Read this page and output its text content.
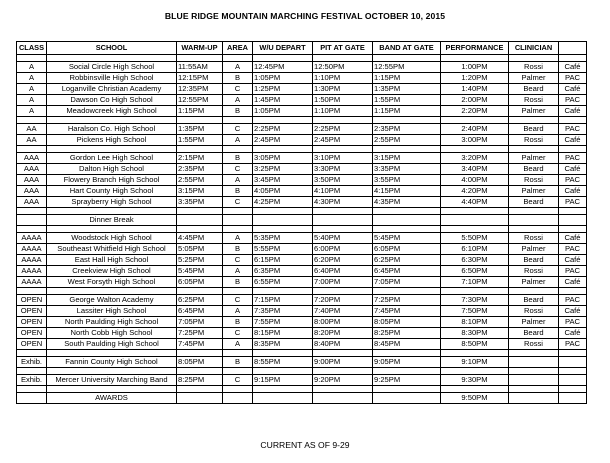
BLUE RIDGE MOUNTAIN MARCHING FESTIVAL OCTOBER 10, 2015
CLASS	SCHOOL	WARM-UP	AREA	W/U DEPART	PIT AT GATE	BAND AT GATE	PERFORMANCE	CLINICIAN	

A	Social Circle High School	11:55AM	A	12:45PM	12:50PM	12:55PM	1:00PM	Rossi	Café
A	Robbinsville High School	12:15PM	B	1:05PM	1:10PM	1:15PM	1:20PM	Palmer	PAC
A	Loganville Christian Academy	12:35PM	C	1:25PM	1:30PM	1:35PM	1:40PM	Beard	Café
A	Dawson Co High School	12:55PM	A	1:45PM	1:50PM	1:55PM	2:00PM	Rossi	PAC
A	Meadowcreek High School	1:15PM	B	1:05PM	1:10PM	1:15PM	2:20PM	Palmer	Café

AA	Haralson Co. High School	1:35PM	C	2:25PM	2:25PM	2:35PM	2:40PM	Beard	PAC
AA	Pickens High School	1:55PM	A	2:45PM	2:45PM	2:55PM	3:00PM	Rossi	Café

AAA	Gordon Lee High School	2:15PM	B	3:05PM	3:10PM	3:15PM	3:20PM	Palmer	PAC
AAA	Dalton High School	2:35PM	C	3:25PM	3:30PM	3:35PM	3:40PM	Beard	Café
AAA	Flowery Branch High School	2:55PM	A	3:45PM	3:50PM	3:55PM	4:00PM	Rossi	PAC
AAA	Hart County High School	3:15PM	B	4:05PM	4:10PM	4:15PM	4:20PM	Palmer	Café
AAA	Sprayberry High School	3:35PM	C	4:25PM	4:30PM	4:35PM	4:40PM	Beard	PAC

	Dinner Break								

AAAA	Woodstock High School	4:45PM	A	5:35PM	5:40PM	5:45PM	5:50PM	Rossi	Café
AAAA	Southeast Whitfield High School	5:05PM	B	5:55PM	6:00PM	6:05PM	6:10PM	Palmer	PAC
AAAA	East Hall High School	5:25PM	C	6:15PM	6:20PM	6:25PM	6:30PM	Beard	Café
AAAA	Creekview High School	5:45PM	A	6:35PM	6:40PM	6:45PM	6:50PM	Rossi	PAC
AAAA	West Forsyth High School	6:05PM	B	6:55PM	7:00PM	7:05PM	7:10PM	Palmer	Café

OPEN	George Walton Academy	6:25PM	C	7:15PM	7:20PM	7:25PM	7:30PM	Beard	PAC
OPEN	Lassiter High School	6:45PM	A	7:35PM	7:40PM	7:45PM	7:50PM	Rossi	Café
OPEN	North Paulding High School	7:05PM	B	7:55PM	8:00PM	8:05PM	8:10PM	Palmer	PAC
OPEN	North Cobb High School	7:25PM	C	8:15PM	8:20PM	8:25PM	8:30PM	Beard	Café
OPEN	South Paulding High School	7:45PM	A	8:35PM	8:40PM	8:45PM	8:50PM	Rossi	PAC

Exhib.	Fannin County High School	8:05PM	B	8:55PM	9:00PM	9:05PM	9:10PM		

Exhib.	Mercer University Marching Band	8:25PM	C	9:15PM	9:20PM	9:25PM	9:30PM		

	AWARDS						9:50PM		
CURRENT AS OF 9-29
